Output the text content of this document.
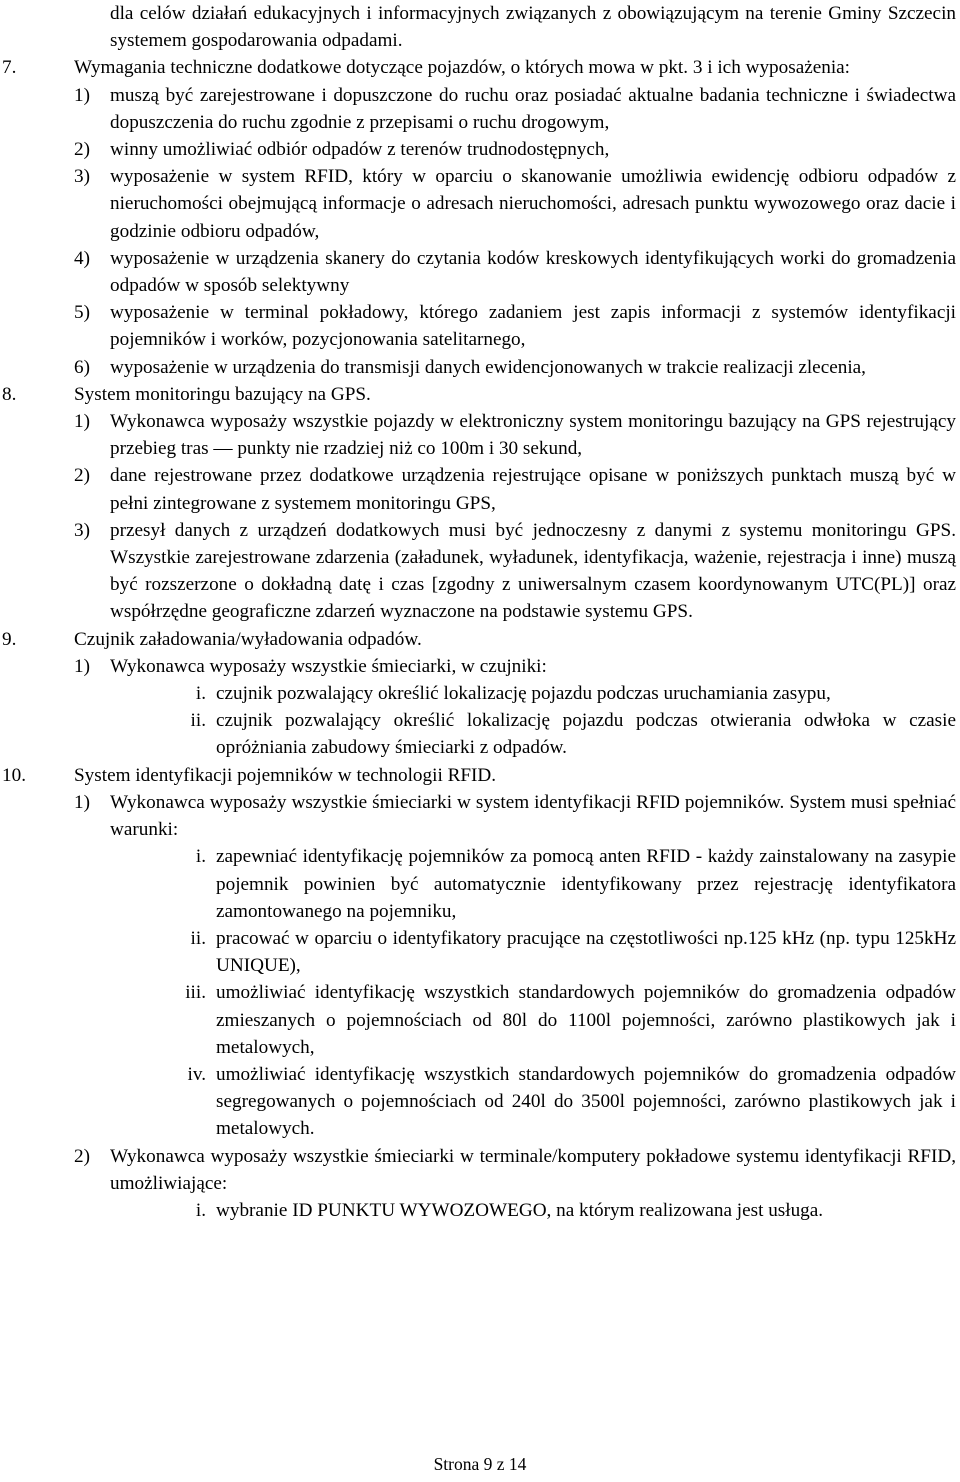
dla celów działań edukacyjnych i informacyjnych związanych z obowiązującym na terenie Gminy Szczecin systemem gospodarowania odpadami.
7.	Wymagania techniczne dodatkowe dotyczące pojazdów, o których mowa w pkt. 3 i ich wyposażenia:
1) muszą być zarejestrowane i dopuszczone do ruchu oraz posiadać aktualne badania techniczne i świadectwa dopuszczenia do ruchu zgodnie z przepisami o ruchu drogowym,
2) winny umożliwiać odbiór odpadów z terenów trudnodostępnych,
3) wyposażenie w system RFID, który w oparciu o skanowanie umożliwia ewidencję odbioru odpadów z nieruchomości obejmującą informacje o adresach nieruchomości, adresach punktu wywozowego oraz dacie i godzinie odbioru odpadów,
4) wyposażenie w urządzenia skanery do czytania kodów kreskowych identyfikujących worki do gromadzenia odpadów w sposób selektywny
5) wyposażenie w terminal pokładowy, którego zadaniem jest zapis informacji z systemów identyfikacji pojemników i worków, pozycjonowania satelitarnego,
6) wyposażenie w urządzenia do transmisji danych ewidencjonowanych w trakcie realizacji zlecenia,
8.	System monitoringu bazujący na GPS.
1) Wykonawca wyposaży wszystkie pojazdy w elektroniczny system monitoringu bazujący na GPS rejestrujący przebieg tras — punkty nie rzadziej niż co 100m i 30 sekund,
2) dane rejestrowane przez dodatkowe urządzenia rejestrujące opisane w poniższych punktach muszą być w pełni zintegrowane z systemem monitoringu GPS,
3) przesył danych z urządzeń dodatkowych musi być jednoczesny z danymi z systemu monitoringu GPS. Wszystkie zarejestrowane zdarzenia (załadunek, wyładunek, identyfikacja, ważenie, rejestracja i inne) muszą być rozszerzone o dokładną datę i czas [zgodny z uniwersalnym czasem koordynowanym UTC(PL)] oraz współrzędne geograficzne zdarzeń wyznaczone na podstawie systemu GPS.
9.	Czujnik załadowania/wyładowania odpadów.
1) Wykonawca wyposaży wszystkie śmieciarki, w czujniki:
i. czujnik pozwalający określić lokalizację pojazdu podczas uruchamiania zasypu,
ii. czujnik pozwalający określić lokalizację pojazdu podczas otwierania odwłoka w czasie opróżniania zabudowy śmieciarki z odpadów.
10.	System identyfikacji pojemników w technologii RFID.
1) Wykonawca wyposaży wszystkie śmieciarki w system identyfikacji RFID pojemników. System musi spełniać warunki:
i. zapewniać identyfikację pojemników za pomocą anten RFID - każdy zainstalowany na zasypie pojemnik powinien być automatycznie identyfikowany przez rejestrację identyfikatora zamontowanego na pojemniku,
ii. pracować w oparciu o identyfikatory pracujące na częstotliwości np.125 kHz (np. typu 125kHz UNIQUE),
iii. umożliwiać identyfikację wszystkich standardowych pojemników do gromadzenia odpadów zmieszanych o pojemnościach od 80l do 1100l pojemności, zarówno plastikowych jak i metalowych,
iv. umożliwiać identyfikację wszystkich standardowych pojemników do gromadzenia odpadów segregowanych o pojemnościach od 240l do 3500l pojemności, zarówno plastikowych jak i metalowych.
2) Wykonawca wyposaży wszystkie śmieciarki w terminale/komputery pokładowe systemu identyfikacji RFID, umożliwiające:
i. wybranie ID PUNKTU WYWOZOWEGO, na którym realizowana jest usługa.
Strona 9 z 14
